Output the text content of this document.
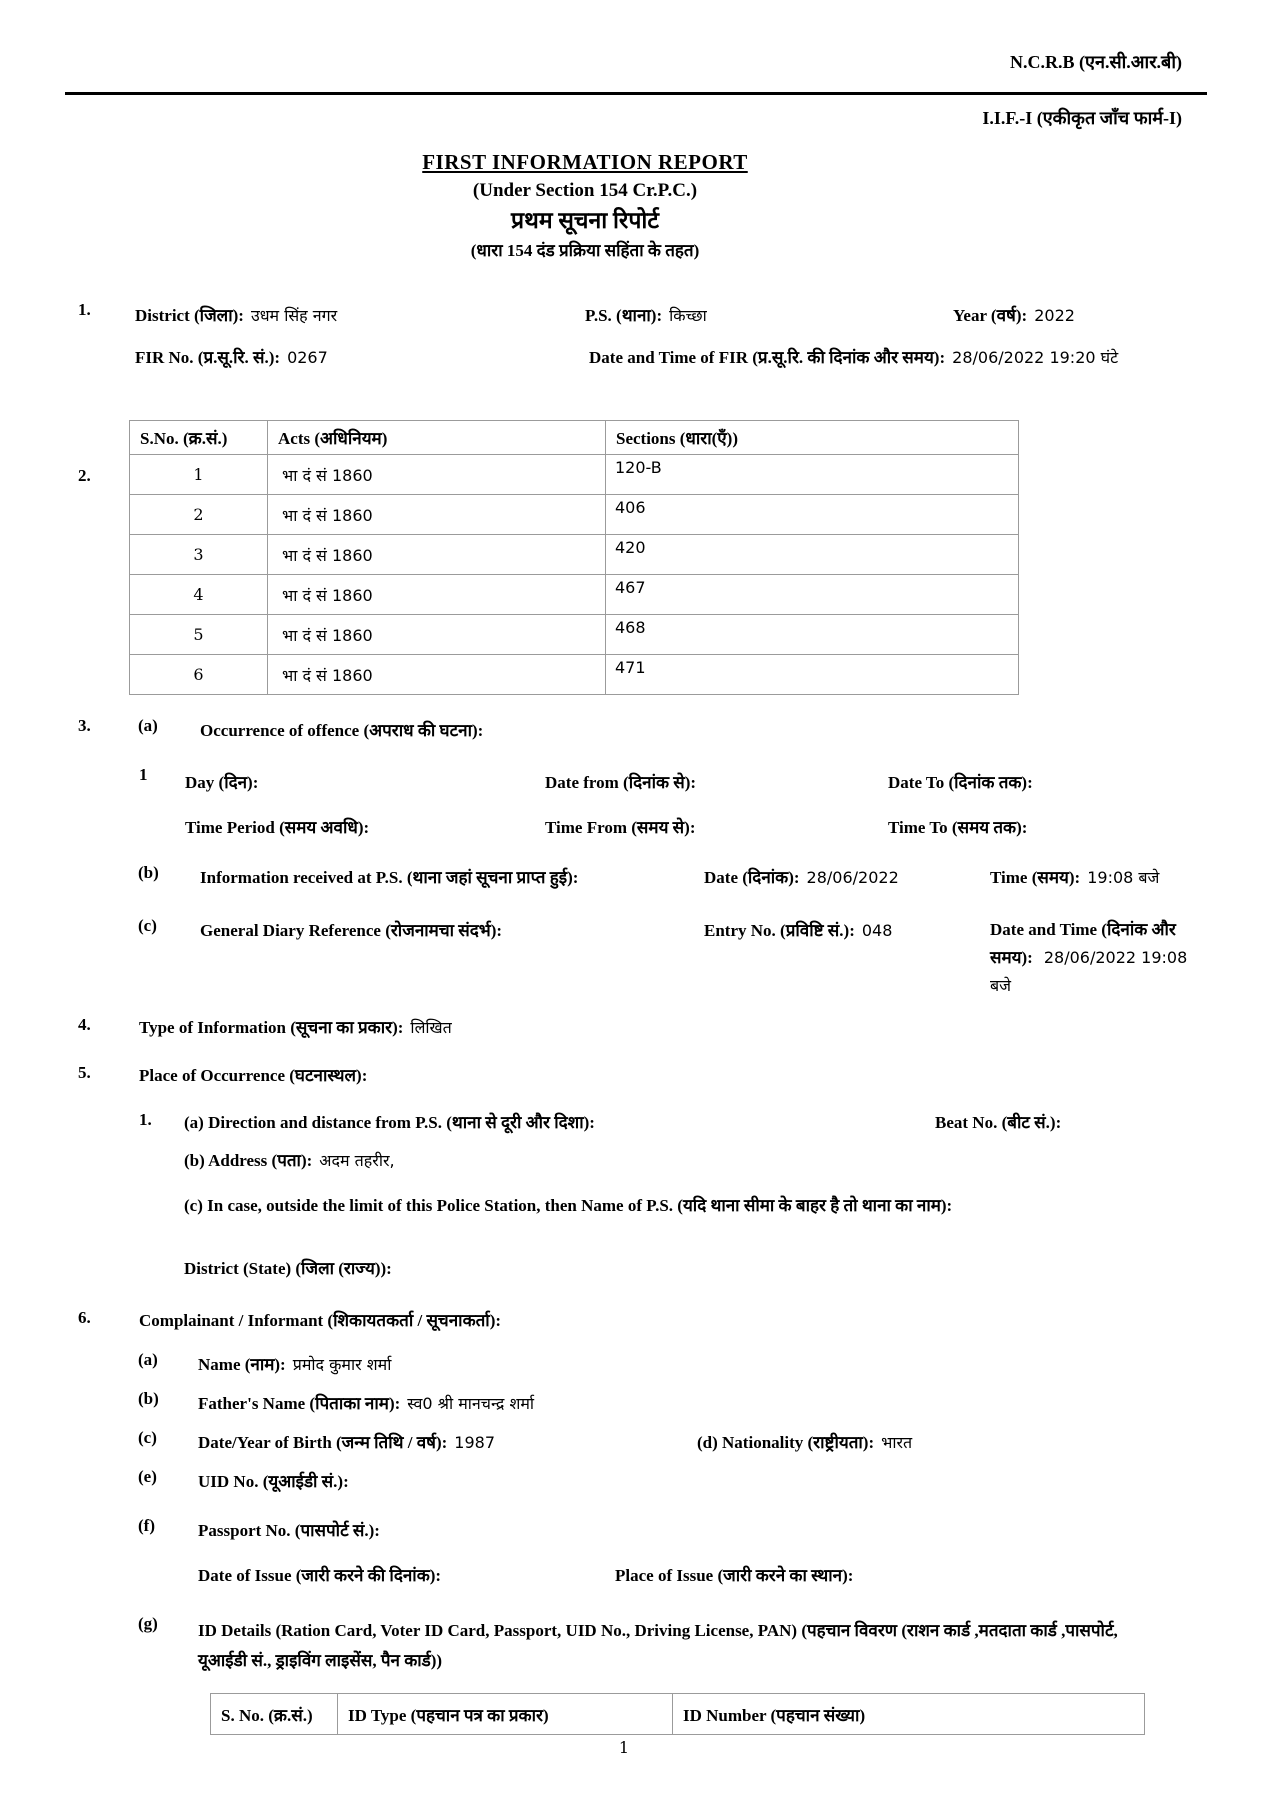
N.C.R.B (एन.सी.आर.बी)
I.I.F.-I (एकीकृत जाँच फार्म-I)
FIRST INFORMATION REPORT
(Under Section 154 Cr.P.C.)
प्रथम सूचना रिपोर्ट
(धारा 154 दंड प्रक्रिया सहिंता के तहत)
1.	District (जिला): उधम सिंह नगर	P.S. (थाना): किच्छा	Year (वर्ष): 2022
FIR No. (प्र.सू.रि. सं.): 0267	Date and Time of FIR (प्र.सू.रि. की दिनांक और समय): 28/06/2022 19:20 घंटे
2.
S.No. (क्र.सं.)	Acts (अधिनियम)	Sections (धारा(एँ))
1	भा दं सं 1860	120-B
2	भा दं सं 1860	406
3	भा दं सं 1860	420
4	भा दं सं 1860	467
5	भा दं सं 1860	468
6	भा दं सं 1860	471
3.	(a) Occurrence of offence (अपराध की घटना):
1 Day (दिन):	Date from (दिनांक से):	Date To (दिनांक तक):
Time Period (समय अवधि):	Time From (समय से):	Time To (समय तक):
(b) Information received at P.S. (थाना जहां सूचना प्राप्त हुई):	Date (दिनांक): 28/06/2022	Time (समय): 19:08 बजे
(c)	General Diary Reference (रोजनामचा संदर्भ):	Entry No. (प्रविष्टि सं.): 048	Date and Time (दिनांक और समय): 28/06/2022 19:08 बजे
4.	Type of Information (सूचना का प्रकार): लिखित
5.	Place of Occurrence (घटनास्थल):
1. (a) Direction and distance from P.S. (थाना से दूरी और दिशा):	Beat No. (बीट सं.):
(b) Address (पता): अदम तहरीर,
(c) In case, outside the limit of this Police Station, then Name of P.S. (यदि थाना सीमा के बाहर है तो थाना का नाम):
District (State) (जिला (राज्य)):
6.	Complainant / Informant (शिकायतकर्ता / सूचनाकर्ता):
(a) Name (नाम): प्रमोद कुमार शर्मा
(b) Father's Name (पिताका नाम): स्व0 श्री मानचन्द्र शर्मा
(c) Date/Year of Birth (जन्म तिथि / वर्ष): 1987	(d) Nationality (राष्ट्रीयता): भारत
(e) UID No. (यूआईडी सं.):
(f)	Passport No. (पासपोर्ट सं.):
Date of Issue (जारी करने की दिनांक):	Place of Issue (जारी करने का स्थान):
(g) ID Details (Ration Card, Voter ID Card, Passport, UID No., Driving License, PAN) (पहचान विवरण (राशन कार्ड ,मतदाता कार्ड ,पासपोर्ट, यूआईडी सं., ड्राइविंग लाइसेंस, पैन कार्ड))
S. No. (क्र.सं.)	ID Type (पहचान पत्र का प्रकार)	ID Number (पहचान संख्या)
1
